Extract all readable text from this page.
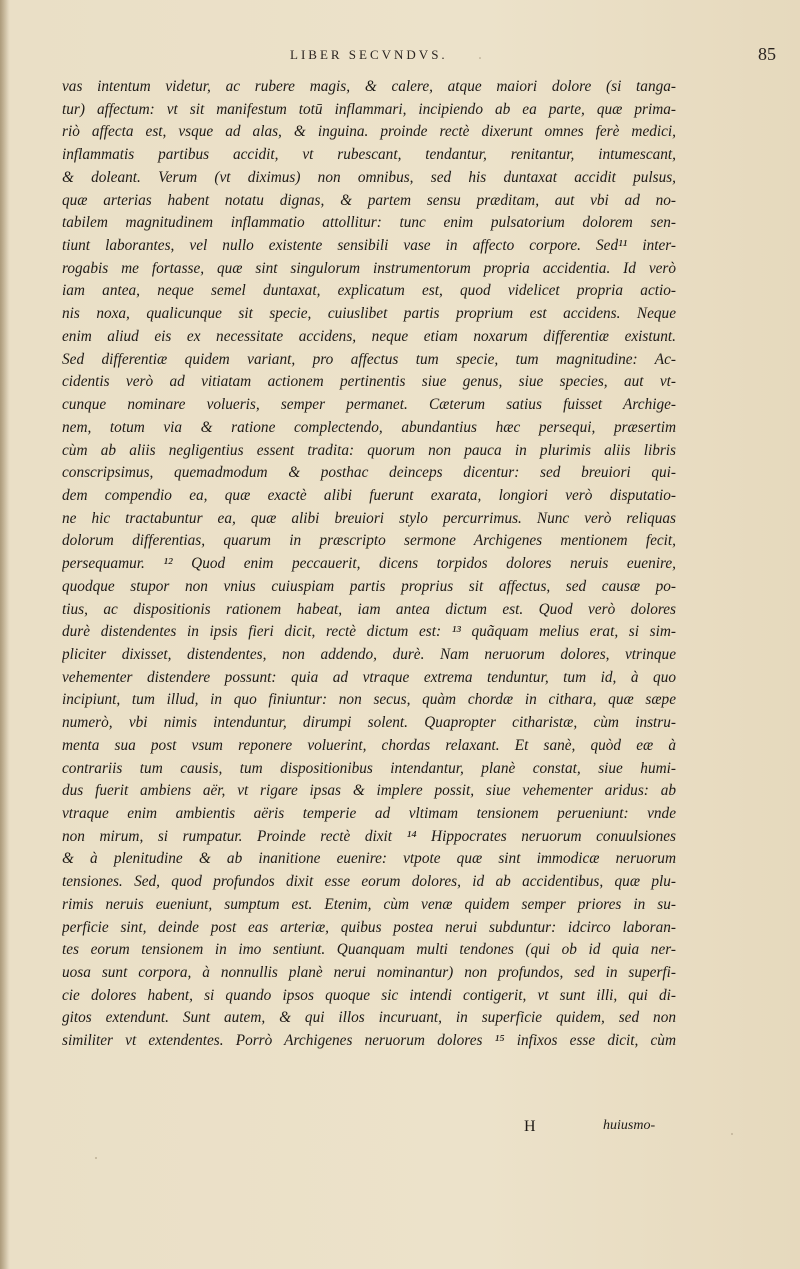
LIBER SECVNDVS.	85
vas intentum videtur, ac rubere magis, & calere, atque maiori dolore (si tanga-
tur) affectum: vt sit manifestum totū inflammari, incipiendo ab ea parte, quæ prima-
riò affecta est, vsque ad alas, & inguina. proinde rectè dixerunt omnes ferè medici,
inflammatis partibus accidit, vt rubescant, tendantur, renitantur, intumescant,
& doleant. Verum (vt diximus) non omnibus, sed his duntaxat accidit pulsus,
quæ arterias habent notatu dignas, & partem sensu præditam, aut vbi ad no-
tabilem magnitudinem inflammatio attollitur: tunc enim pulsatorium dolorem sen-
tiunt laborantes, vel nullo existente sensibili vase in affecto corpore. Sed¹¹ inter-
rogabis me fortasse, quæ sint singulorum instrumentorum propria accidentia. Id verò
iam antea, neque semel duntaxat, explicatum est, quod videlicet propria actio-
nis noxa, qualicunque sit specie, cuiuslibet partis proprium est accidens. Neque
enim aliud eis ex necessitate accidens, neque etiam noxarum differentiæ existunt.
Sed differentiæ quidem variant, pro affectus tum specie, tum magnitudine: Ac-
cidentis verò ad vitiatam actionem pertinentis siue genus, siue species, aut vt-
cunque nominare volueris, semper permanet. Cæterum satius fuisset Archige-
nem, totum via & ratione complectendo, abundantius hæc persequi, præsertim
cùm ab aliis negligentius essent tradita: quorum non pauca in plurimis aliis libris
conscripsimus, quemadmodum & posthac deinceps dicentur: sed breuiori qui-
dem compendio ea, quæ exactè alibi fuerunt exarata, longiori verò disputatio-
ne hic tractabuntur ea, quæ alibi breuiori stylo percurrimus. Nunc verò reliquas
dolorum differentias, quarum in præscripto sermone Archigenes mentionem fecit,
persequamur. ¹² Quod enim peccauerit, dicens torpidos dolores neruis euenire,
quodque stupor non vnius cuiuspiam partis proprius sit affectus, sed causæ po-
tius, ac dispositionis rationem habeat, iam antea dictum est. Quod verò dolores
durè distendentes in ipsis fieri dicit, rectè dictum est: ¹³ quãquam melius erat, si sim-
pliciter dixisset, distendentes, non addendo, durè. Nam neruorum dolores, vtrinque
vehementer distendere possunt: quia ad vtraque extrema tenduntur, tum id, à quo
incipiunt, tum illud, in quo finiuntur: non secus, quàm chordæ in cithara, quæ sæpe
numerò, vbi nimis intenduntur, dirumpi solent. Quapropter citharistæ, cùm instru-
menta sua post vsum reponere voluerint, chordas relaxant. Et sanè, quòd eæ à
contrariis tum causis, tum dispositionibus intendantur, planè constat, siue humi-
dus fuerit ambiens aër, vt rigare ipsas & implere possit, siue vehementer aridus: ab
vtraque enim ambientis aëris temperie ad vltimam tensionem perueniunt: vnde
non mirum, si rumpatur. Proinde rectè dixit ¹⁴ Hippocrates neruorum conuulsiones
& à plenitudine & ab inanitione euenire: vtpote quæ sint immodicæ neruorum
tensiones. Sed, quod profundos dixit esse eorum dolores, id ab accidentibus, quæ plu-
rimis neruis eueniunt, sumptum est. Etenim, cùm venæ quidem semper priores in su-
perficie sint, deinde post eas arteriæ, quibus postea nerui subduntur: idcirco laboran-
tes eorum tensionem in imo sentiunt. Quanquam multi tendones (qui ob id quia ner-
uosa sunt corpora, à nonnullis planè nerui nominantur) non profundos, sed in superfi-
cie dolores habent, si quando ipsos quoque sic intendi contigerit, vt sunt illi, qui di-
gitos extendunt. Sunt autem, & qui illos incuruant, in superficie quidem, sed non
similiter vt extendentes. Porrò Archigenes neruorum dolores ¹⁵ infixos esse dicit, cùm
H	huiusmo-
